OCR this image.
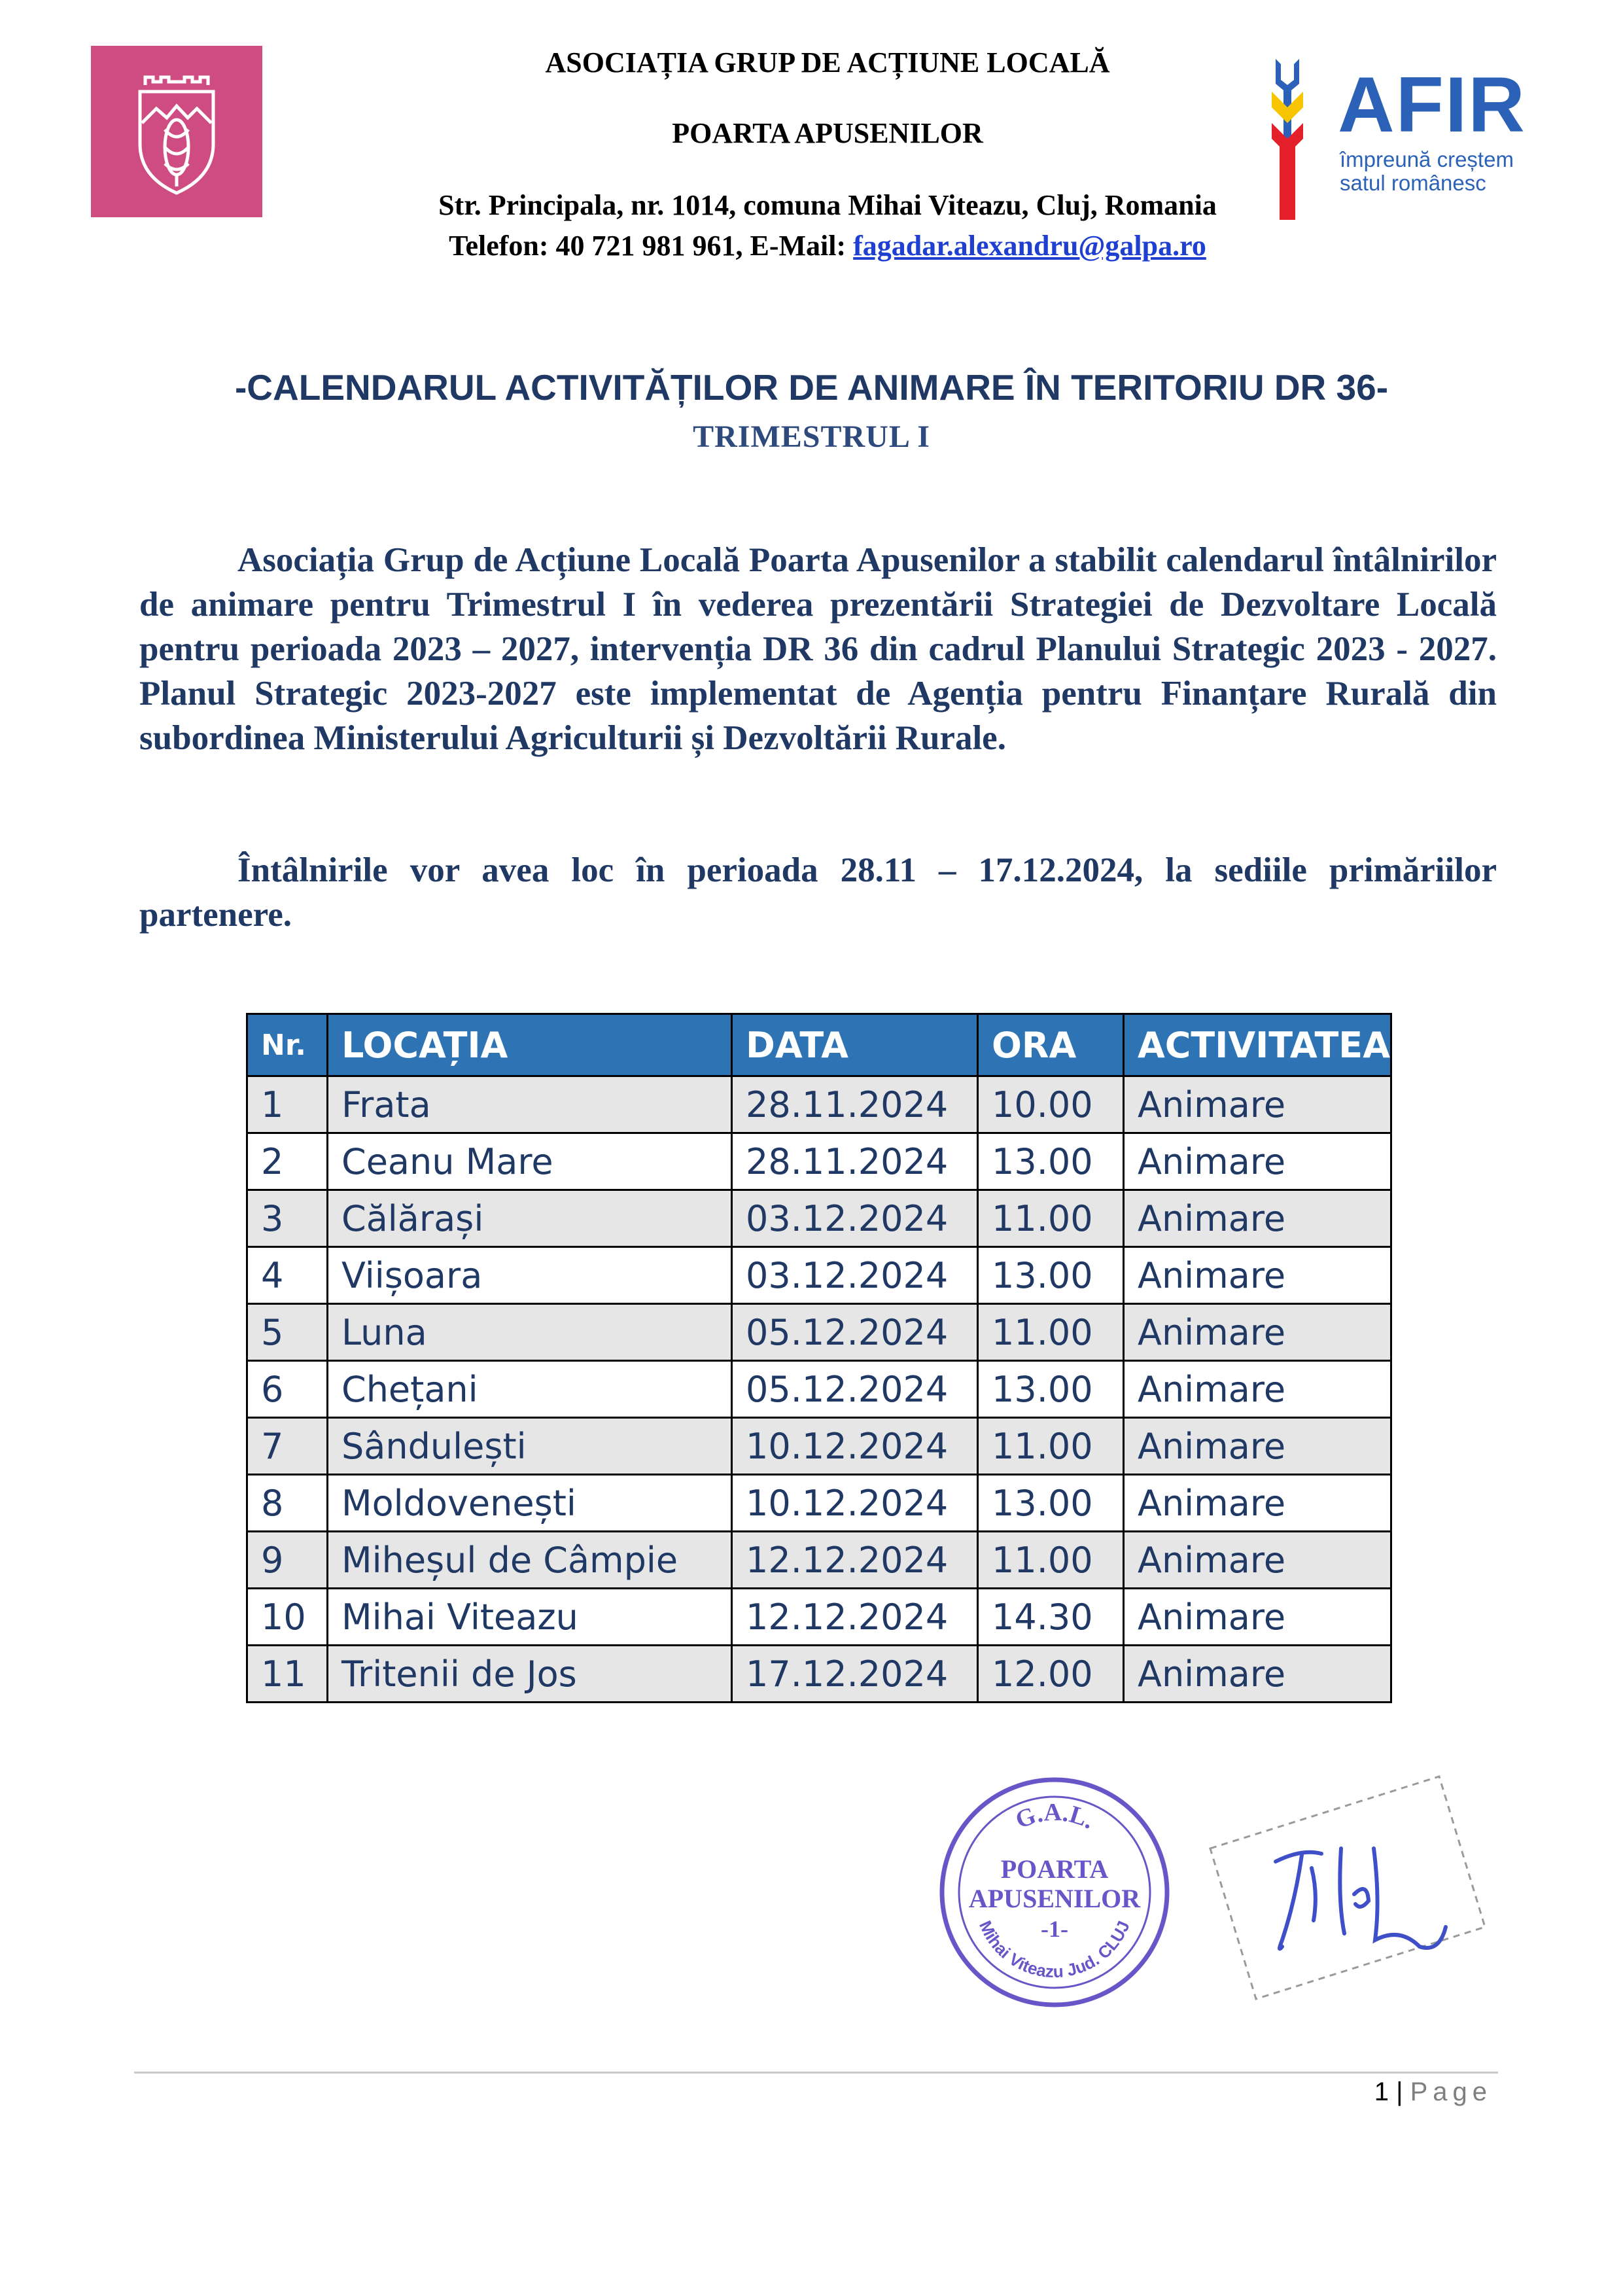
ASOCIAȚIA GRUP DE ACȚIUNE LOCALĂ
POARTA APUSENILOR
Str. Principala, nr. 1014, comuna Mihai Viteazu, Cluj, Romania
Telefon: 40 721 981 961, E-Mail: fagadar.alexandru@galpa.ro
AFIR
împreună creștem
satul românesc
-CALENDARUL ACTIVITĂȚILOR DE ANIMARE ÎN TERITORIU DR 36-
TRIMESTRUL I
Asociația Grup de Acțiune Locală Poarta Apusenilor a stabilit calendarul întâlnirilor de animare pentru Trimestrul I în vederea prezentării Strategiei de Dezvoltare Locală pentru perioada 2023 – 2027, intervenția DR 36 din cadrul Planului Strategic 2023 - 2027. Planul Strategic 2023-2027 este implementat de Agenția pentru Finanțare Rurală din subordinea Ministerului Agriculturii și Dezvoltării Rurale.
Întâlnirile vor avea loc în perioada 28.11 – 17.12.2024, la sediile primăriilor partenere.
Nr.	LOCAȚIA	DATA	ORA	ACTIVITATEA
1	Frata	28.11.2024	10.00	Animare
2	Ceanu Mare	28.11.2024	13.00	Animare
3	Călărași	03.12.2024	11.00	Animare
4	Viișoara	03.12.2024	13.00	Animare
5	Luna	05.12.2024	11.00	Animare
6	Chețani	05.12.2024	13.00	Animare
7	Sândulești	10.12.2024	11.00	Animare
8	Moldovenești	10.12.2024	13.00	Animare
9	Miheșul de Câmpie	12.12.2024	11.00	Animare
10	Mihai Viteazu	12.12.2024	14.30	Animare
11	Tritenii de Jos	17.12.2024	12.00	Animare
G.A.L.
POARTA
APUSENILOR
-1-
Mihai Viteazu Jud. CLUJ
1 | Page
